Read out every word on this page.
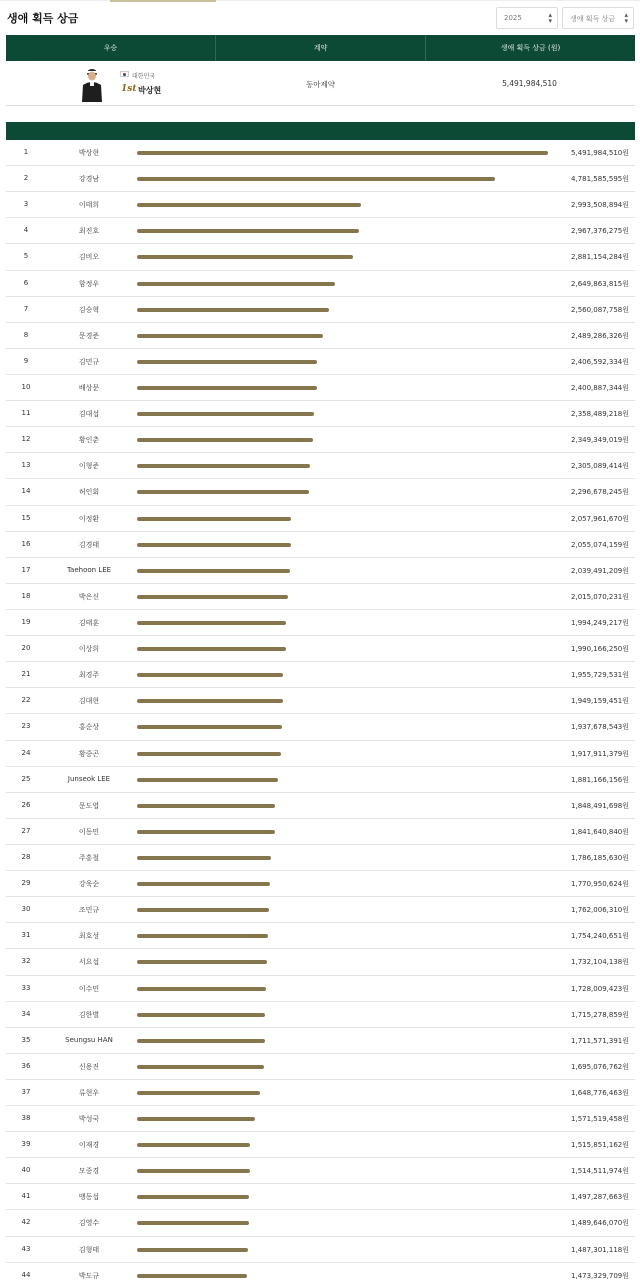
생애 획득 상금	2025	▴
▾	생애 획득 상금 ▴
▾
우승	계약	생애 획득 상금 (원)
대한민국
1st 박상현
동아제약	5,491,984,510
1	박상현	5,491,984,510원
2	강경남	4,781,585,595원
3	이태희	2,993,508,894원
4	최진호	2,967,376,275원
5	김비오	2,881,154,284원
6	함정우	2,649,863,815원
7	김승혁	2,560,087,758원
8	문경준	2,489,286,326원
9	김민규	2,406,592,334원
10	배상문	2,400,887,344원
11	김대섭	2,358,489,218원
12	황인춘	2,349,349,019원
13	이형준	2,305,089,414원
14	허인회	2,296,678,245원
15	이정환	2,057,961,670원
16	김경태	2,055,074,159원
17	Taehoon LEE	2,039,491,209원
18	박은신	2,015,070,231원
19	김태훈	1,994,249,217원
20	이상희	1,990,166,250원
21	최경주	1,955,729,531원
22	김대현	1,949,159,451원
23	홍순상	1,937,678,543원
24	황중곤	1,917,911,379원
25	Junseok LEE	1,881,166,156원
26	문도엽	1,848,491,698원
27	이동민	1,841,640,840원
28	주흥철	1,786,185,630원
29	강욱순	1,770,950,624원
30	조민규	1,762,006,310원
31	최호성	1,754,240,651원
32	서요섭	1,732,104,138원
33	이수민	1,728,009,423원
34	김한별	1,715,278,859원
35	Seungsu HAN	1,711,571,391원
36	신용진	1,695,076,762원
37	류현우	1,648,776,463원
38	박성국	1,571,519,458원
39	이재경	1,515,851,162원
40	모중경	1,514,511,974원
41	맹동섭	1,497,287,663원
42	김영수	1,489,646,070원
43	김형태	1,487,301,118원
44	박도규	1,473,329,709원
